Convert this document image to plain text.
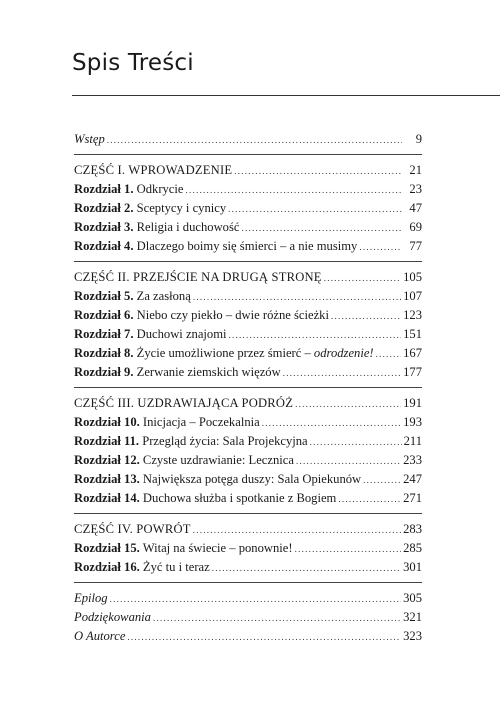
Spis Treści
Wstęp . . .	9
CZĘŚĆ I. WPROWADZENIE . . .	21
Rozdział 1. Odkrycie . . .	23
Rozdział 2. Sceptycy i cynicy . . .	47
Rozdział 3. Religia i duchowość . . .	69
Rozdział 4. Dlaczego boimy się śmierci – a nie musimy . . .	77
CZĘŚĆ II. PRZEJŚCIE NA DRUGĄ STRONĘ . . .	105
Rozdział 5. Za zasłoną . . .	107
Rozdział 6. Niebo czy piekło – dwie różne ścieżki . . .	123
Rozdział 7. Duchowi znajomi . . .	151
Rozdział 8. Życie umożliwione przez śmierć – odrodzenie! . . . 167
Rozdział 9. Zerwanie ziemskich więzów . . .	177
CZĘŚĆ III. UZDRAWIAJĄCA PODRÓŻ . . .	191
Rozdział 10. Inicjacja – Poczekalnia . . .	193
Rozdział 11. Przegląd życia: Sala Projekcyjna . . .	211
Rozdział 12. Czyste uzdrawianie: Lecznica . . .	233
Rozdział 13. Największa potęga duszy: Sala Opiekunów . . .	247
Rozdział 14. Duchowa służba i spotkanie z Bogiem . . .	271
CZĘŚĆ IV. POWRÓT . . .	283
Rozdział 15. Witaj na świecie – ponownie! . . .	285
Rozdział 16. Żyć tu i teraz . . .	301
Epilog . . .	305
Podziękowania . . .	321
O Autorce . . .	323
